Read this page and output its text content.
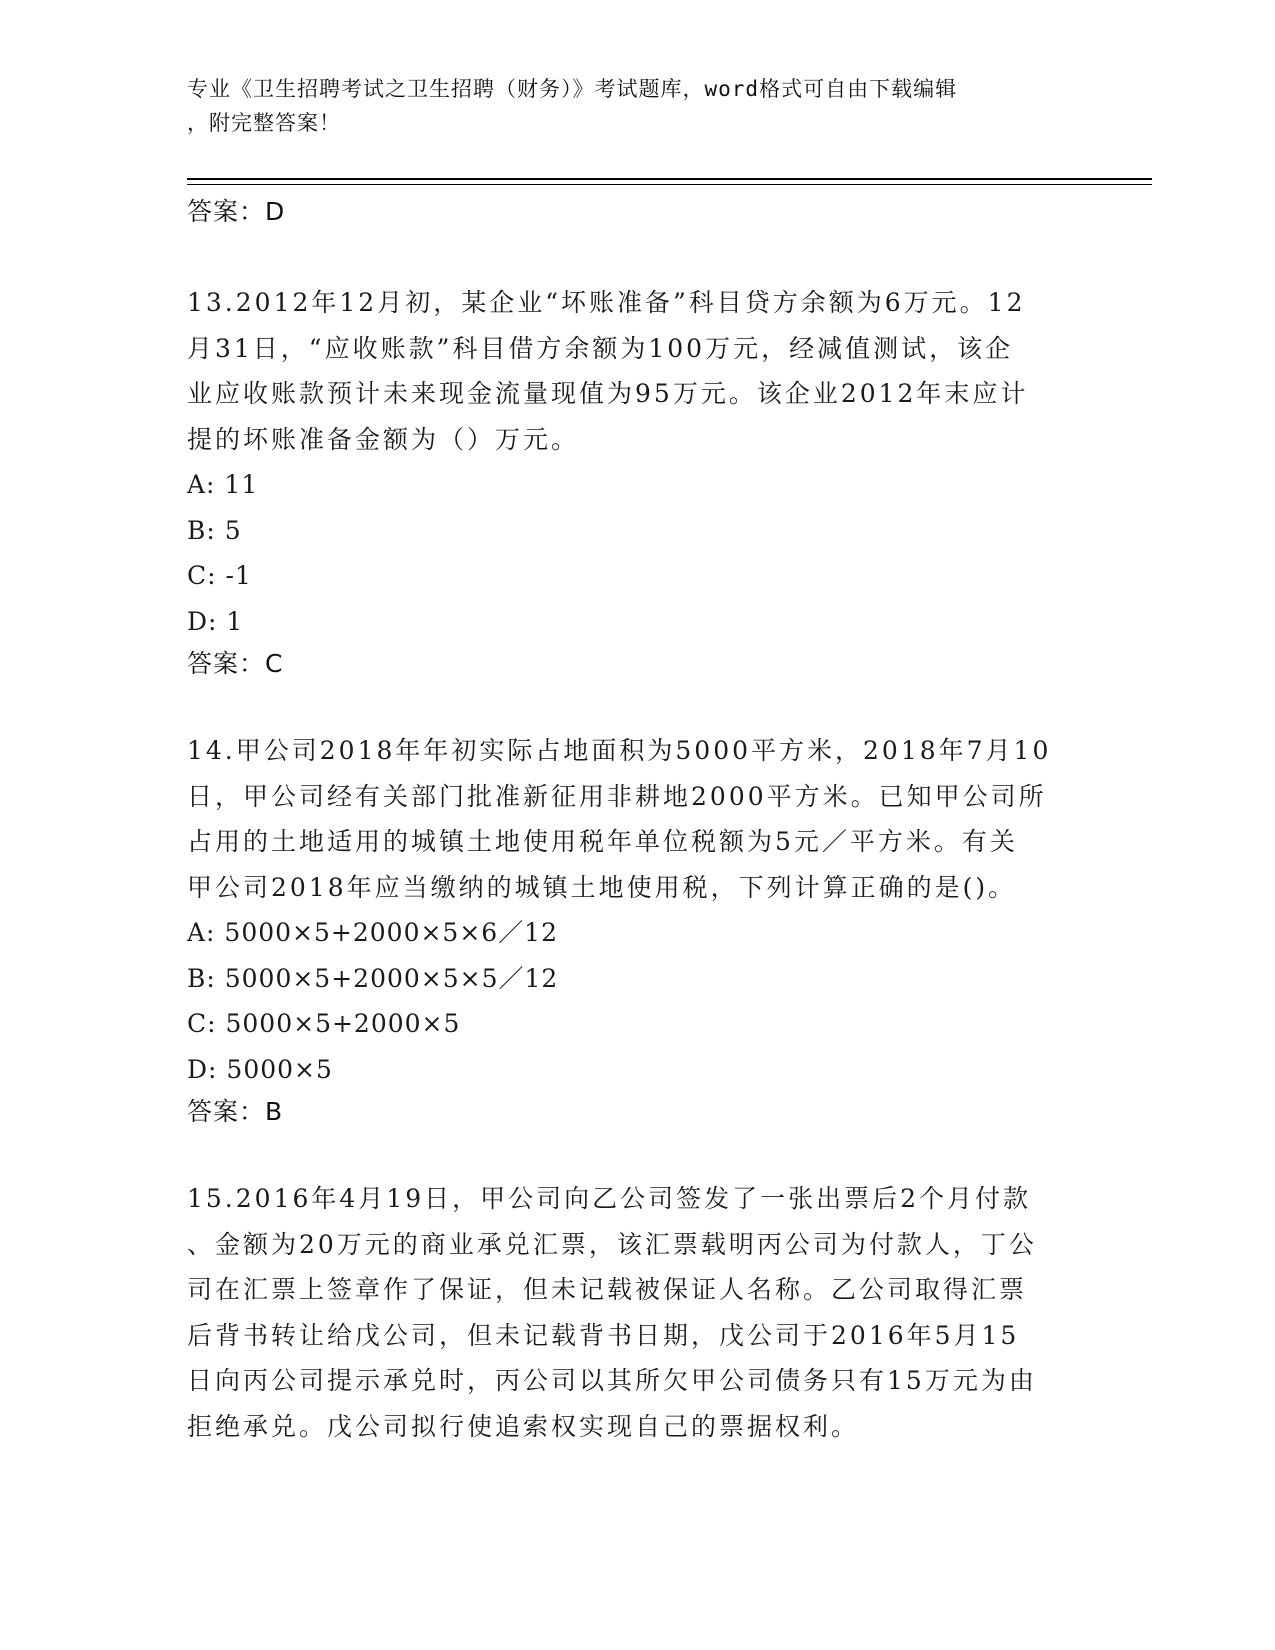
专业《卫生招聘考试之卫生招聘（财务）》考试题库，word格式可自由下载编辑
，附完整答案！
答案：D
13.2012年12月初，某企业“坏账准备”科目贷方余额为6万元。12
月31日，“应收账款”科目借方余额为100万元，经减值测试，该企
业应收账款预计未来现金流量现值为95万元。该企业2012年末应计
提的坏账准备金额为（）万元。
A: 11
B: 5
C: -1
D: 1
答案：C
14.甲公司2018年年初实际占地面积为5000平方米，2018年7月10
日，甲公司经有关部门批准新征用非耕地2000平方米。已知甲公司所
占用的土地适用的城镇土地使用税年单位税额为5元／平方米。有关
甲公司2018年应当缴纳的城镇土地使用税，下列计算正确的是()。
A: 5000×5+2000×5×6／12
B: 5000×5+2000×5×5／12
C: 5000×5+2000×5
D: 5000×5
答案：B
15.2016年4月19日，甲公司向乙公司签发了一张出票后2个月付款
、金额为20万元的商业承兑汇票，该汇票载明丙公司为付款人，丁公
司在汇票上签章作了保证，但未记载被保证人名称。乙公司取得汇票
后背书转让给戊公司，但未记载背书日期，戊公司于2016年5月15
日向丙公司提示承兑时，丙公司以其所欠甲公司债务只有15万元为由
拒绝承兑。戊公司拟行使追索权实现自己的票据权利。
